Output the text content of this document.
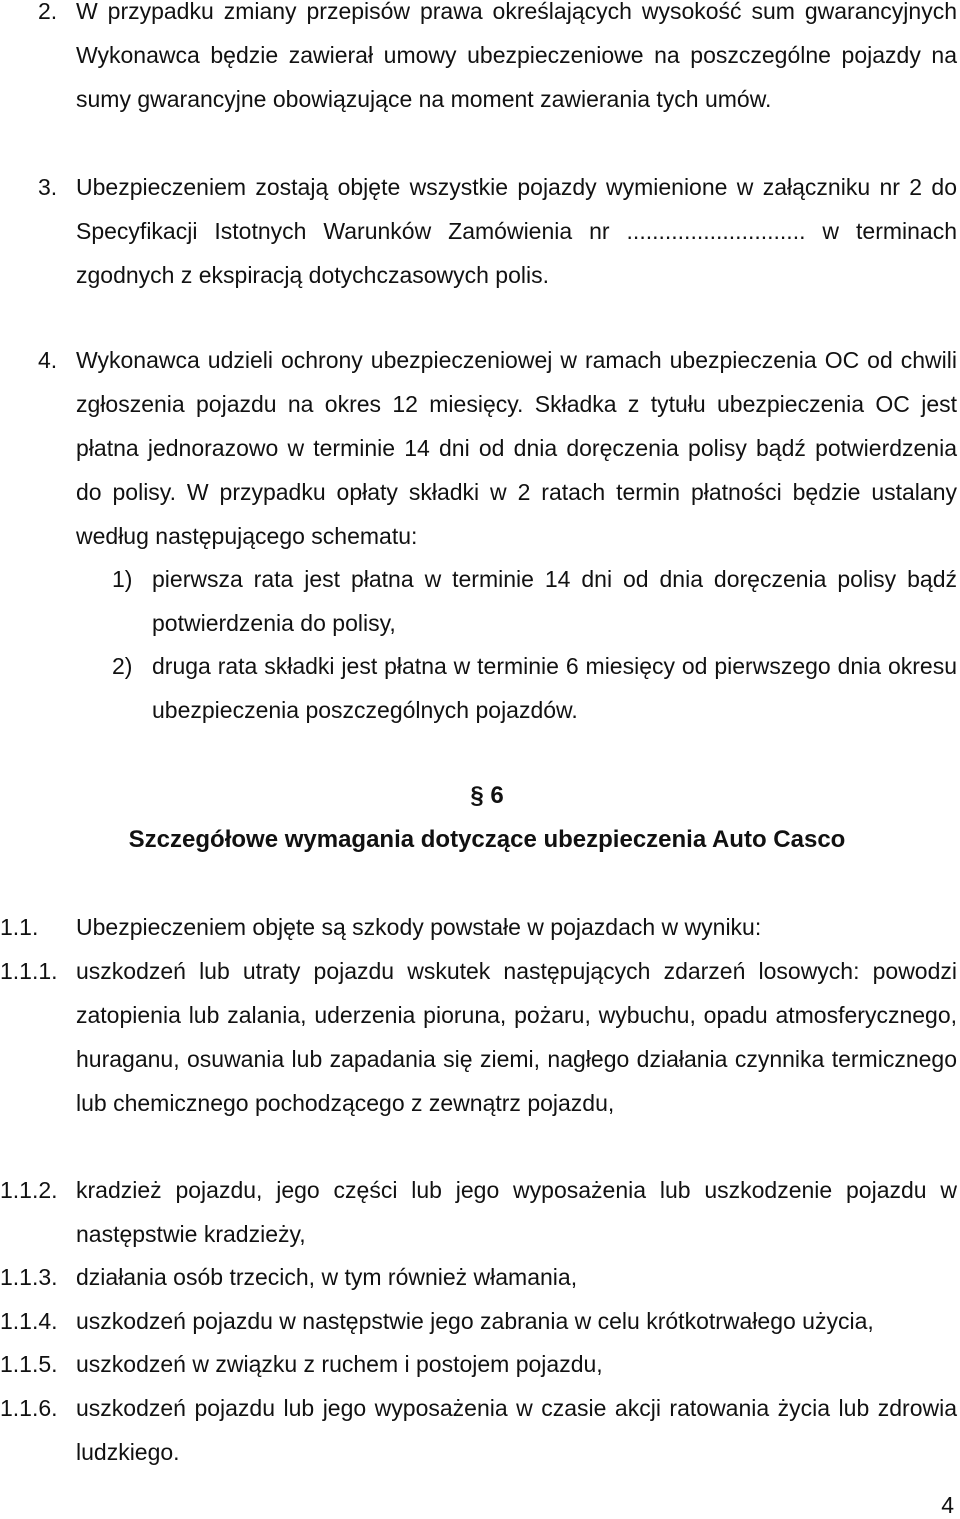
2. W przypadku zmiany przepisów prawa określających wysokość sum gwarancyjnych Wykonawca będzie zawierał umowy ubezpieczeniowe na poszczególne pojazdy na sumy gwarancyjne obowiązujące na moment zawierania tych umów.
3. Ubezpieczeniem zostają objęte wszystkie pojazdy wymienione w załączniku nr 2 do Specyfikacji Istotnych Warunków Zamówienia nr ............................ w terminach zgodnych z ekspiracją dotychczasowych polis.
4. Wykonawca udzieli ochrony ubezpieczeniowej w ramach ubezpieczenia OC od chwili zgłoszenia pojazdu na okres 12 miesięcy. Składka z tytułu ubezpieczenia OC jest płatna jednorazowo w terminie 14 dni od dnia doręczenia polisy bądź potwierdzenia do polisy. W przypadku opłaty składki w 2 ratach termin płatności będzie ustalany według następującego schematu:
1) pierwsza rata jest płatna w terminie 14 dni od dnia doręczenia polisy bądź potwierdzenia do polisy,
2) druga rata składki jest płatna w terminie 6 miesięcy od pierwszego dnia okresu ubezpieczenia poszczególnych pojazdów.
§ 6
Szczegółowe wymagania dotyczące ubezpieczenia Auto Casco
1.1. Ubezpieczeniem objęte są szkody powstałe w pojazdach w wyniku:
1.1.1. uszkodzeń lub utraty pojazdu wskutek następujących zdarzeń losowych: powodzi zatopienia lub zalania, uderzenia pioruna, pożaru, wybuchu, opadu atmosferycznego, huraganu, osuwania lub zapadania się ziemi, nagłego działania czynnika termicznego lub chemicznego pochodzącego z zewnątrz pojazdu,
1.1.2. kradzież pojazdu, jego części lub jego wyposażenia lub uszkodzenie pojazdu w następstwie kradzieży,
1.1.3. działania osób trzecich, w tym również włamania,
1.1.4. uszkodzeń pojazdu w następstwie jego zabrania w celu krótkotrwałego użycia,
1.1.5. uszkodzeń w związku z ruchem i postojem pojazdu,
1.1.6. uszkodzeń pojazdu lub jego wyposażenia w czasie akcji ratowania życia lub zdrowia ludzkiego.
4
